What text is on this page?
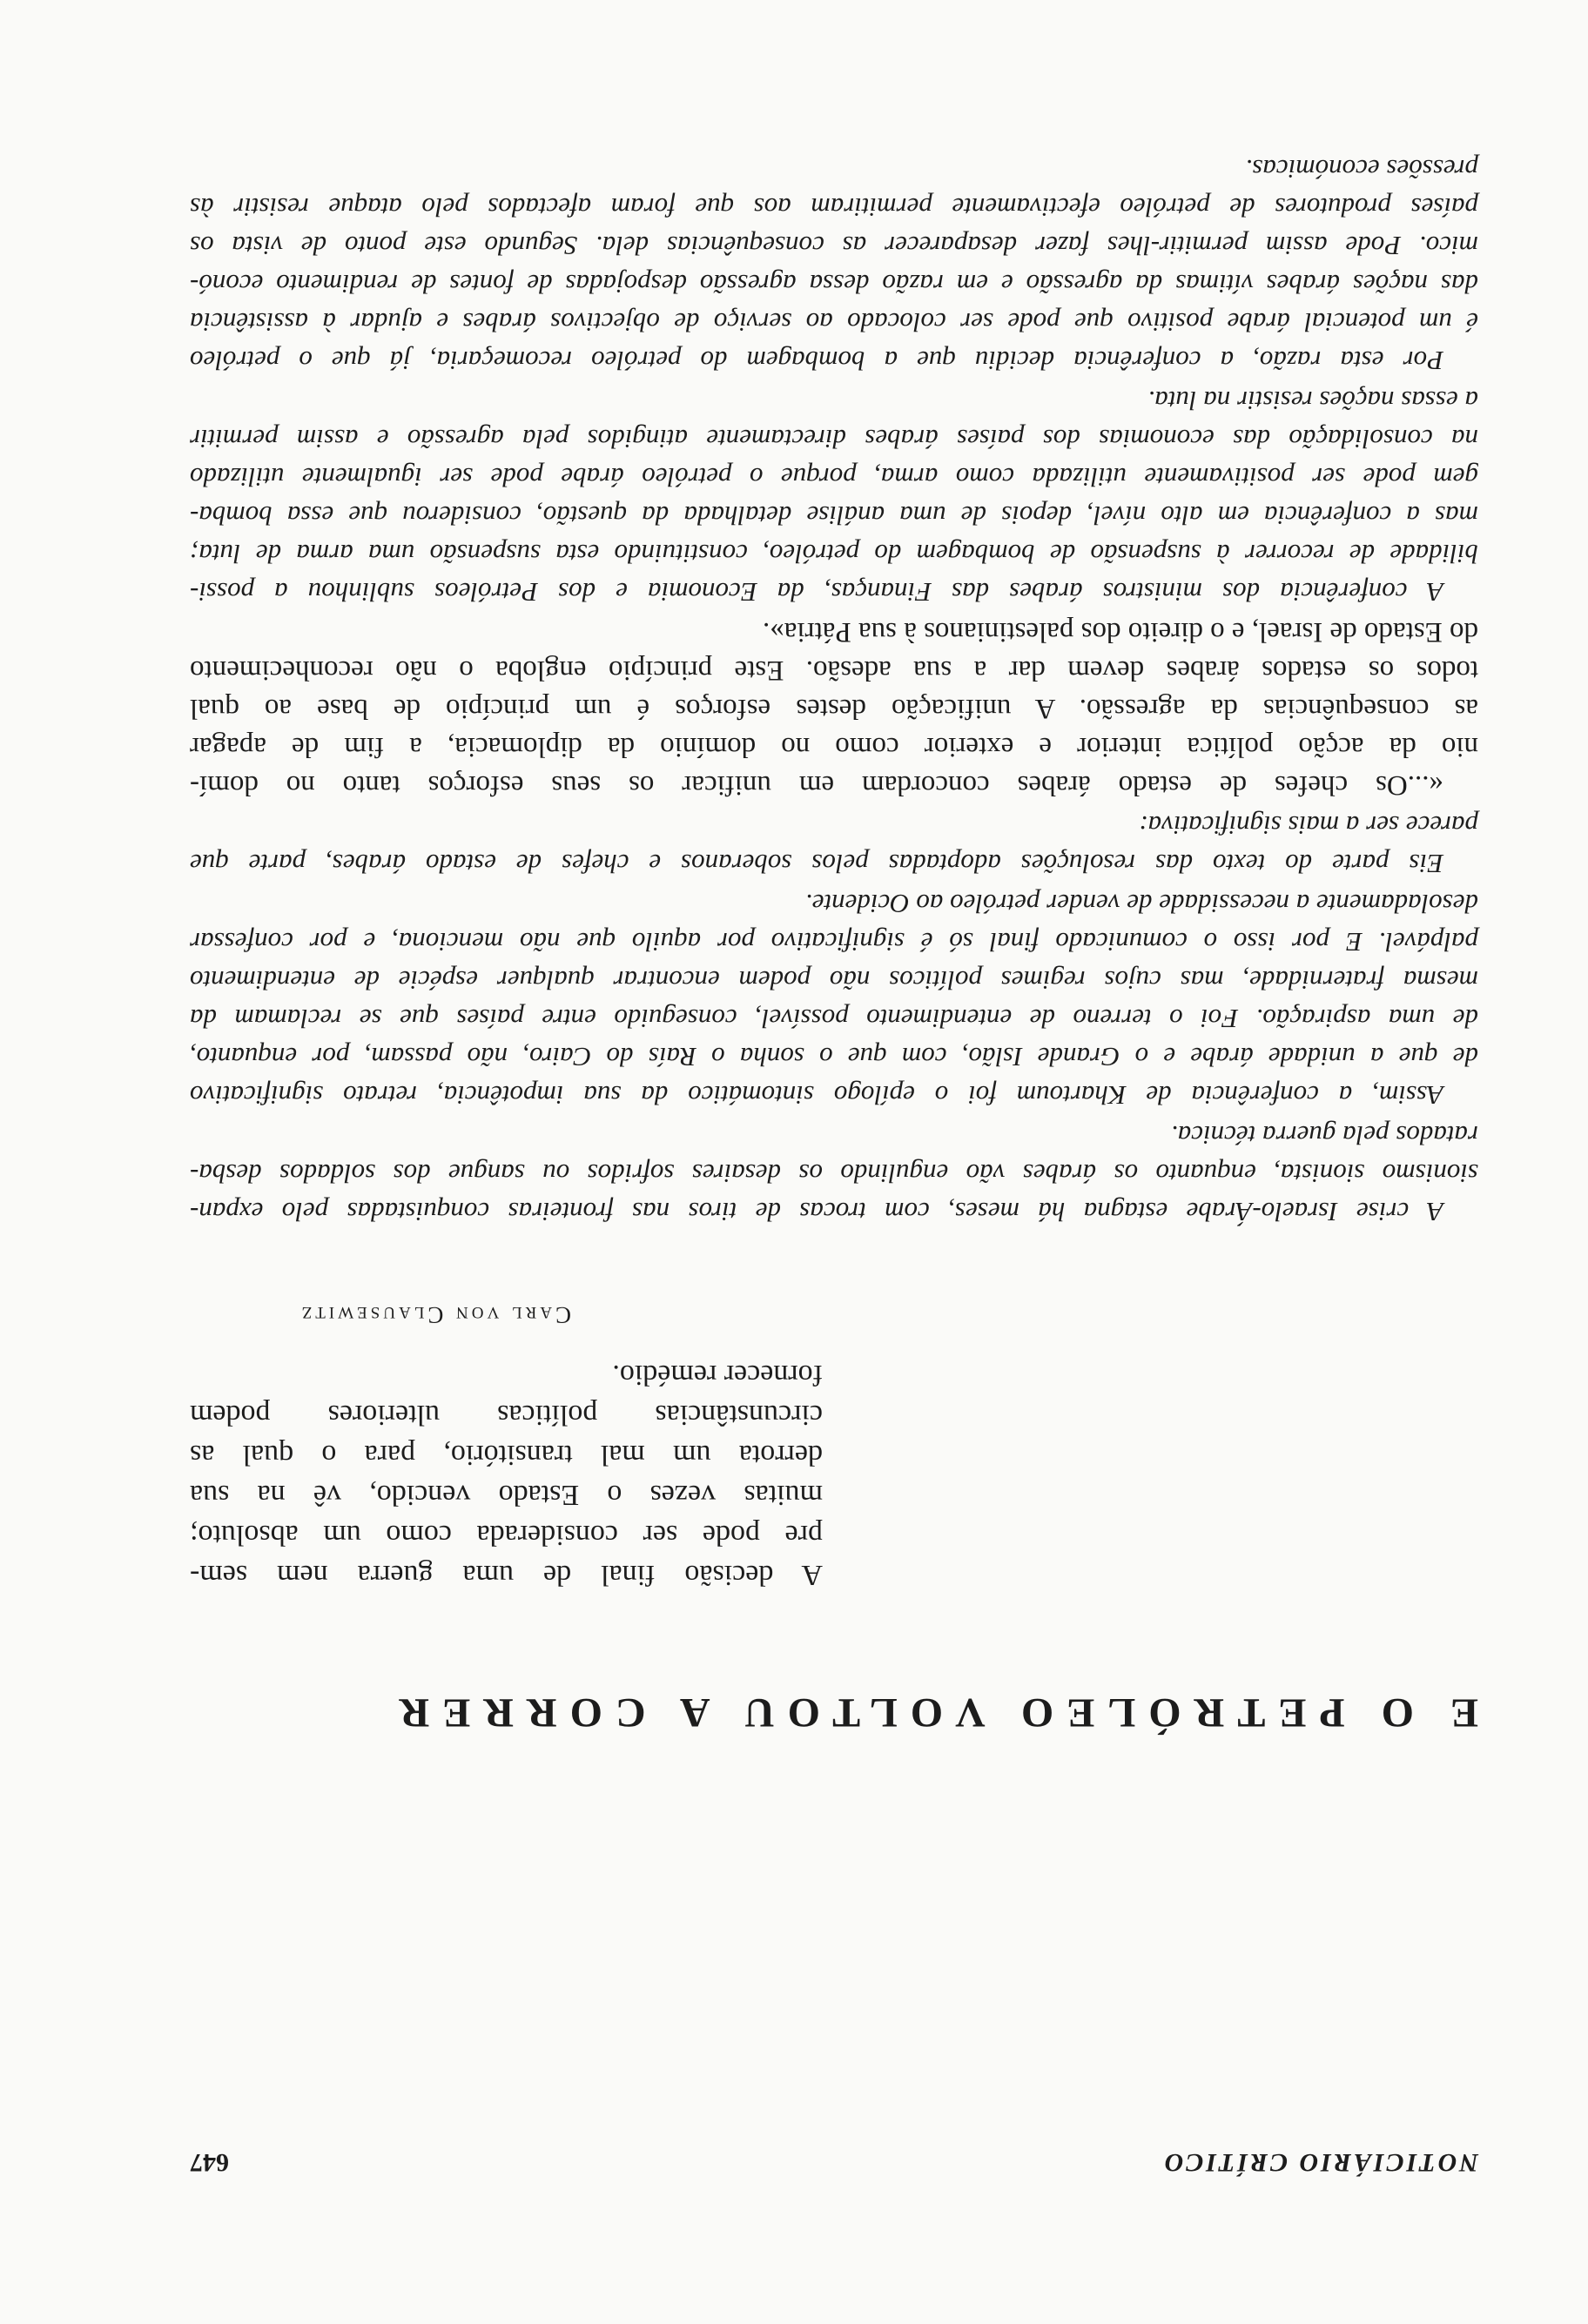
NOTICIÁRIO CRÍTICO
647
E O PETRÓLEO VOLTOU A CORRER
A decisão final de uma guerra nem sem-
pre pode ser considerada como um absoluto;
muitas vezes o Estado vencido, vê na sua
derrota um mal transitório, para o qual as
circunstâncias políticas ulteriores podem
fornecer remédio.
Carl von Clausewitz
A crise Israelo-Árabe estagna há meses, com trocas de tiros nas fronteiras conquistadas pelo expan-
sionismo sionista, enquanto os árabes vão engulindo os desaires sofridos ou sangue dos soldados desba-
ratados pela guerra técnica.
Assim, a conferência de Khartoum foi o epílogo sintomático da sua impotência, retrato significativo
de que a unidade árabe e o Grande Islão, com que o sonha o Raís do Cairo, não passam, por enquanto,
de uma aspiração. Foi o terreno de entendimento possível, conseguido entre países que se reclamam da
mesma fraternidade, mas cujos regimes políticos não podem encontrar qualquer espécie de entendimento
palpável. E por isso o comunicado final só é significativo por aquilo que não menciona, e por confessar
desoladamente a necessidade de vender petróleo ao Ocidente.
Eis parte do texto das resoluções adoptadas pelos soberanos e chefes de estado árabes, parte que
parece ser a mais significativa:
«...Os chefes de estado árabes concordam em unificar os seus esforços tanto no domí-
nio da acção política interior e exterior como no domínio da diplomacia, a fim de apagar
as consequências da agressão. A unificação destes esforços é um princípio de base ao qual
todos os estados árabes devem dar a sua adesão. Este princípio engloba o não reconhecimento
do Estado de Israel, e o direito dos palestinianos à sua Pátria».
A conferência dos ministros árabes das Finanças, da Economia e dos Petróleos sublinhou a possi-
bilidade de recorrer à suspensão de bombagem do petróleo, constituindo esta suspensão uma arma de luta;
mas a conferência em alto nível, depois de uma análise detalhada da questão, considerou que essa bomba-
gem pode ser positivamente utilizada como arma, porque o petróleo árabe pode ser igualmente utilizado
na consolidação das economias dos países árabes directamente atingidos pela agressão e assim permitir
a essas nações resistir na luta.
Por esta razão, a conferência decidiu que a bombagem do petróleo recomeçaria, já que o petróleo
é um potencial árabe positivo que pode ser colocado ao serviço de objectivos árabes e ajudar à assistência
das nações árabes vítimas da agressão e em razão dessa agressão despojadas de fontes de rendimento econó-
mico. Pode assim permitir-lhes fazer desaparecer as consequências dela. Segundo este ponto de vista os
países produtores de petróleo efectivamente permitiram aos que foram afectados pelo ataque resistir às
pressões económicas.
